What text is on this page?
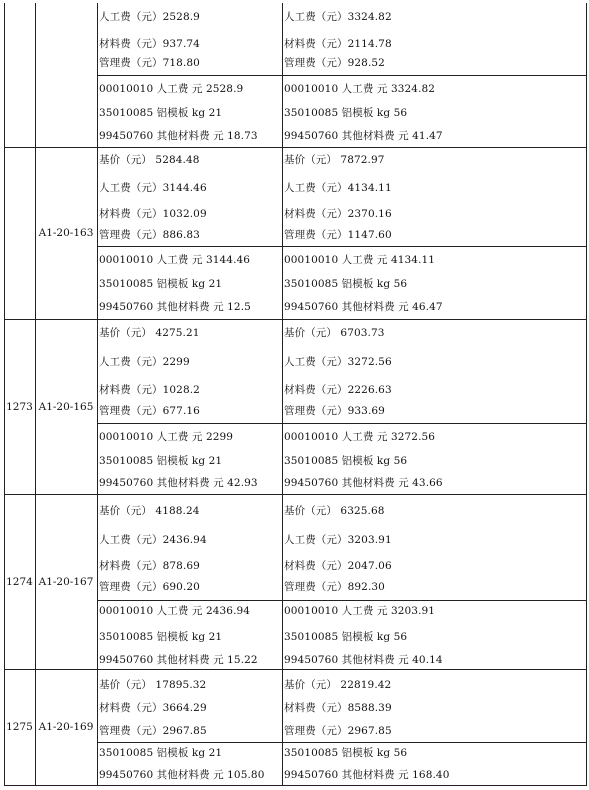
人工费（元）2528.9
材料费（元）937.74
管理费（元）718.80
00010010 人工费 元 2528.9
35010085 铝模板 kg 21
99450760 其他材料费 元 18.73
人工费（元）3324.82
材料费（元）2114.78
管理费（元）928.52
00010010 人工费 元 3324.82
35010085 铝模板 kg 56
99450760 其他材料费 元 41.47
A1-20-163
基价（元） 5284.48
人工费（元）3144.46
材料费（元）1032.09
管理费（元）886.83
00010010 人工费 元 3144.46
35010085 铝模板 kg 21
99450760 其他材料费 元 12.5
基价（元） 7872.97
人工费（元）4134.11
材料费（元）2370.16
管理费（元）1147.60
00010010 人工费 元 4134.11
35010085 铝模板 kg 56
99450760 其他材料费 元 46.47
1273 A1-20-165
基价（元） 4275.21
人工费（元）2299
材料费（元）1028.2
管理费（元）677.16
00010010 人工费 元 2299
35010085 铝模板 kg 21
99450760 其他材料费 元 42.93
基价（元） 6703.73
人工费（元）3272.56
材料费（元）2226.63
管理费（元）933.69
00010010 人工费 元 3272.56
35010085 铝模板 kg 56
99450760 其他材料费 元 43.66
1274 A1-20-167
基价（元） 4188.24
人工费（元）2436.94
材料费（元）878.69
管理费（元）690.20
00010010 人工费 元 2436.94
35010085 铝模板 kg 21
99450760 其他材料费 元 15.22
基价（元） 6325.68
人工费（元）3203.91
材料费（元）2047.06
管理费（元）892.30
00010010 人工费 元 3203.91
35010085 铝模板 kg 56
99450760 其他材料费 元 40.14
1275 A1-20-169
基价（元） 17895.32
材料费（元）3664.29
管理费（元）2967.85
35010085 铝模板 kg 21
99450760 其他材料费 元 105.80
基价（元） 22819.42
材料费（元）8588.39
管理费（元）2967.85
35010085 铝模板 kg 56
99450760 其他材料费 元 168.40
